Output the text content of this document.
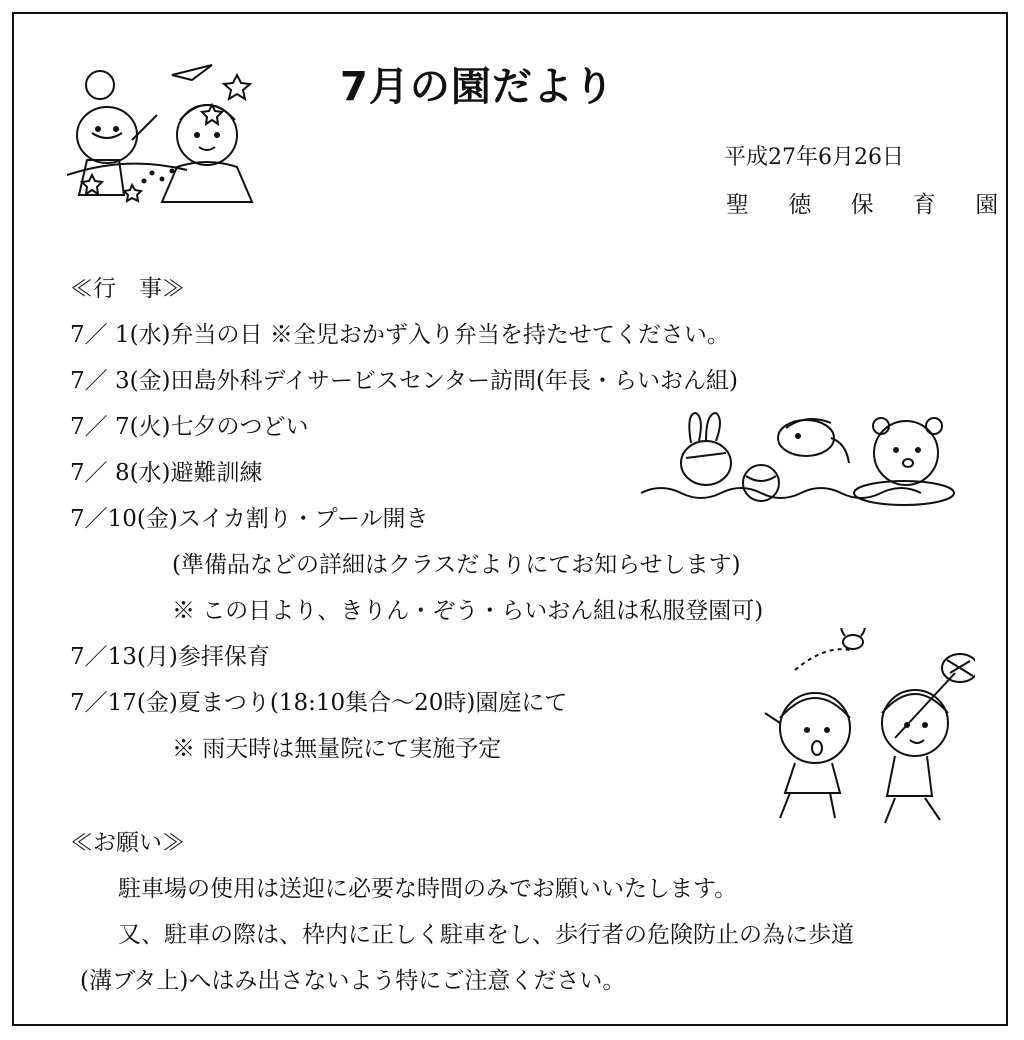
7月の園だより
平成27年6月26日
聖 徳 保 育 園
≪行　事≫
7／ 1(水)弁当の日 ※全児おかず入り弁当を持たせてください。
7／ 3(金)田島外科デイサービスセンター訪問(年長・らいおん組)
7／ 7(火)七夕のつどい
7／ 8(水)避難訓練
7／10(金)スイカ割り・プール開き
(準備品などの詳細はクラスだよりにてお知らせします)
※ この日より、きりん・ぞう・らいおん組は私服登園可)
7／13(月)参拝保育
7／17(金)夏まつり(18:10集合～20時)園庭にて
※ 雨天時は無量院にて実施予定
≪お願い≫
駐車場の使用は送迎に必要な時間のみでお願いいたします。
又、駐車の際は、枠内に正しく駐車をし、歩行者の危険防止の為に歩道
(溝ブタ上)へはみ出さないよう特にご注意ください。
